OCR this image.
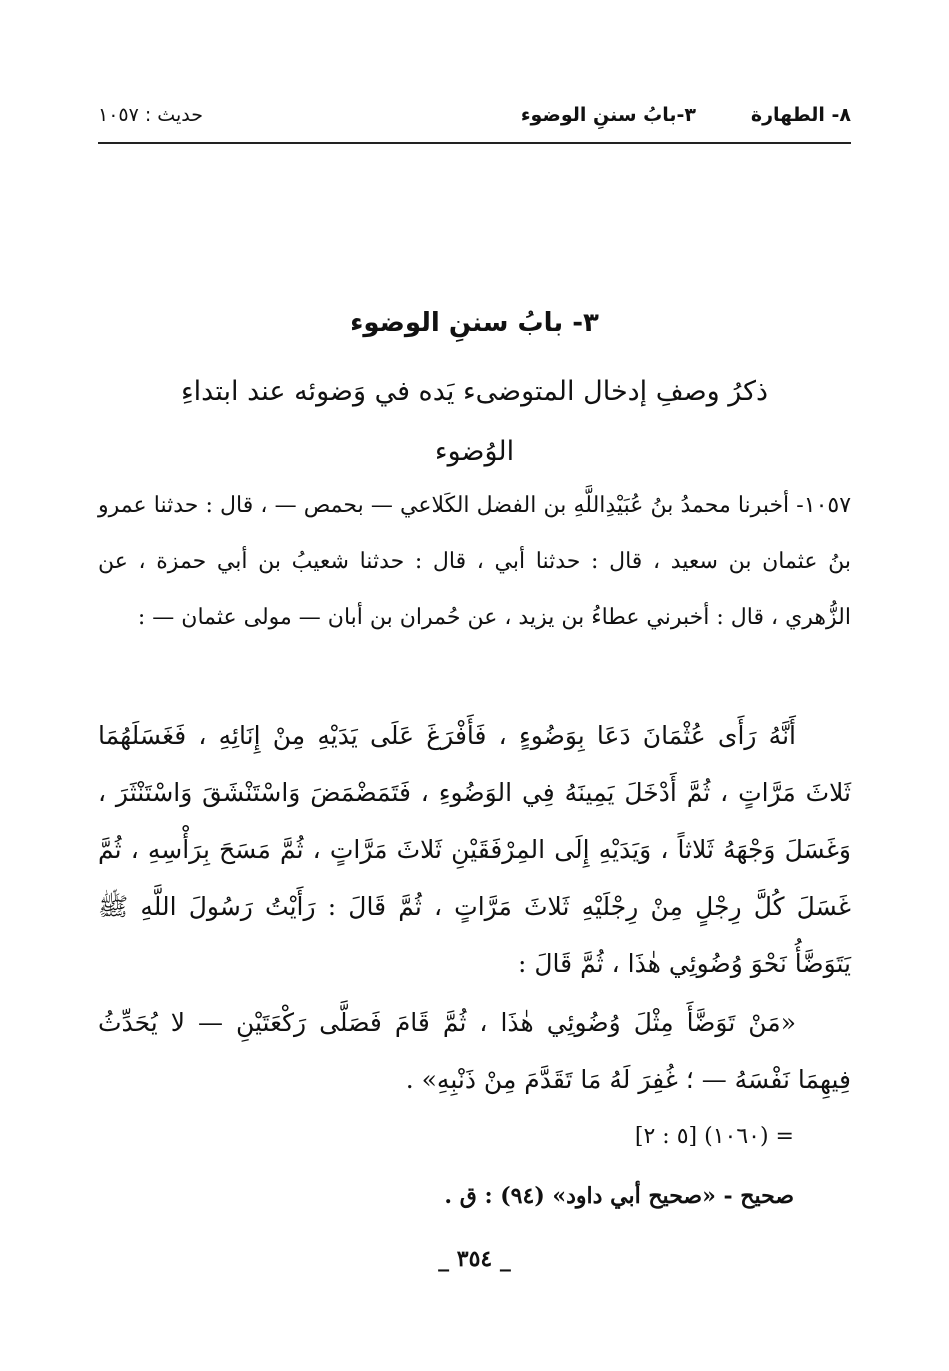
٨- الطهارة
٣-بابُ سننِ الوضوء
حديث : ١٠٥٧
٣- بابُ سننِ الوضوء
ذكرُ وصفِ إدخال المتوضىء يَده في وَضوئه عند ابتداءِ الوُضوء

١٠٥٧- أخبرنا محمدُ بنُ عُبَيْدِاللَّهِ بن الفضل الكَلاعي — بحمص — ، قال : حدثنا عمرو بنُ عثمان بن سعيد ، قال : حدثنا أبي ، قال : حدثنا شعيبُ بن أبي حمزة ، عن الزُّهري ، قال : أخبرني عطاءُ بن يزيد ، عن حُمران بن أبان — مولى عثمان — :

أَنَّهُ رَأَى عُثْمَانَ دَعَا بِوَضُوءٍ ، فَأَفْرَغَ عَلَى يَدَيْهِ مِنْ إِنَائِهِ ، فَغَسَلَهُمَا ثَلاثَ مَرَّاتٍ ، ثُمَّ أَدْخَلَ يَمِينَهُ فِي الوَضُوءِ ، فَتَمَضْمَضَ وَاسْتَنْشَقَ وَاسْتَنْثَرَ ، وَغَسَلَ وَجْهَهُ ثَلاثاً ، وَيَدَيْهِ إِلَى المِرْفَقَيْنِ ثَلاثَ مَرَّاتٍ ، ثُمَّ مَسَحَ بِرَأْسِهِ ، ثُمَّ غَسَلَ كُلَّ رِجْلٍ مِنْ رِجْلَيْهِ ثَلاثَ مَرَّاتٍ ، ثُمَّ قَالَ : رَأَيْتُ رَسُولَ اللَّهِ ﷺ يَتَوَضَّأُ نَحْوَ وُضُوئِي هٰذَا ، ثُمَّ قَالَ :

«مَنْ تَوَضَّأَ مِثْلَ وُضُوئِي هٰذَا ، ثُمَّ قَامَ فَصَلَّى رَكْعَتَيْنِ — لا يُحَدِّثُ فِيهِمَا نَفْسَهُ — ؛ غُفِرَ لَهُ مَا تَقَدَّمَ مِنْ ذَنْبِهِ» .

= (١٠٦٠) [٥ : ٢]
صحيح - «صحيح أبي داود» (٩٤) : ق .
_ ٣٥٤ _
